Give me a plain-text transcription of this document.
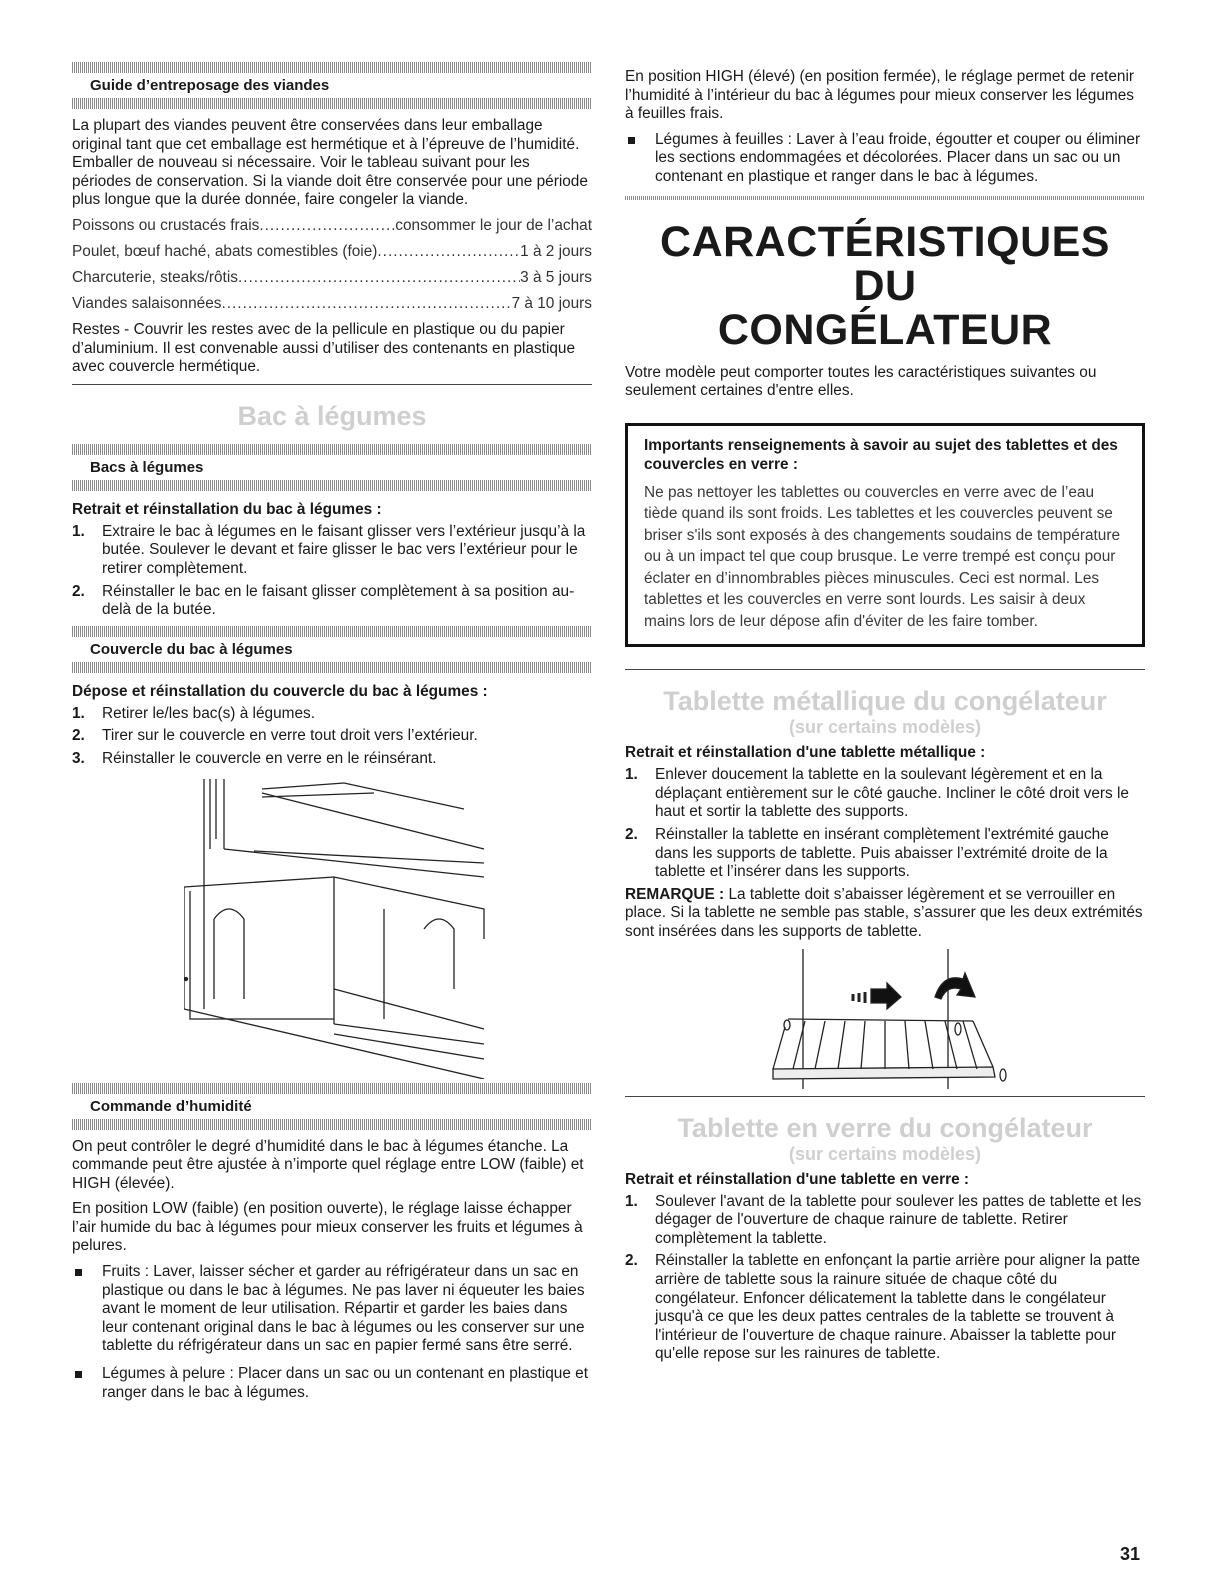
Guide d’entreposage des viandes

La plupart des viandes peuvent être conservées dans leur emballage original tant que cet emballage est hermétique et à l’épreuve de l’humidité. Emballer de nouveau si nécessaire. Voir le tableau suivant pour les périodes de conservation. Si la viande doit être conservée pour une période plus longue que la durée donnée, faire congeler la viande.

Poissons ou crustacés frais .....	consommer le jour de l’achat
Poulet, bœuf haché, abats comestibles (foie) .....	1 à 2 jours
Charcuterie, steaks/rôtis .....	3 à 5 jours
Viandes salaisonnées .....	7 à 10 jours

Restes - Couvrir les restes avec de la pellicule en plastique ou du papier d’aluminium. Il est convenable aussi d’utiliser des contenants en plastique avec couvercle hermétique.

Bac à légumes
Bacs à légumes
Retrait et réinstallation du bac à légumes :
1.	Extraire le bac à légumes en le faisant glisser vers l’extérieur jusqu’à la butée. Soulever le devant et faire glisser le bac vers l’extérieur pour le retirer complètement.
2.	Réinstaller le bac en le faisant glisser complètement à sa position au-delà de la butée.
Couvercle du bac à légumes
Dépose et réinstallation du couvercle du bac à légumes :
1.	Retirer le/les bac(s) à légumes.
2.	Tirer sur le couvercle en verre tout droit vers l’extérieur.
3.	Réinstaller le couvercle en verre en le réinsérant.
Commande d’humidité

On peut contrôler le degré d’humidité dans le bac à légumes étanche. La commande peut être ajustée à n’importe quel réglage entre LOW (faible) et HIGH (élevée).

En position LOW (faible) (en position ouverte), le réglage laisse échapper l’air humide du bac à légumes pour mieux conserver les fruits et légumes à pelures.

Fruits : Laver, laisser sécher et garder au réfrigérateur dans un sac en plastique ou dans le bac à légumes. Ne pas laver ni équeuter les baies avant le moment de leur utilisation. Répartir et garder les baies dans leur contenant original dans le bac à légumes ou les conserver sur une tablette du réfrigérateur dans un sac en papier fermé sans être serré.
Légumes à pelure : Placer dans un sac ou un contenant en plastique et ranger dans le bac à légumes.

En position HIGH (élevé) (en position fermée), le réglage permet de retenir l’humidité à l’intérieur du bac à légumes pour mieux conserver les légumes à feuilles frais.

Légumes à feuilles : Laver à l’eau froide, égoutter et couper ou éliminer les sections endommagées et décolorées. Placer dans un sac ou un contenant en plastique et ranger dans le bac à légumes.
CARACTÉRISTIQUES DU
CONGÉLATEUR

Votre modèle peut comporter toutes les caractéristiques suivantes ou seulement certaines d'entre elles.

Importants renseignements à savoir au sujet des tablettes et des couvercles en verre :
Ne pas nettoyer les tablettes ou couvercles en verre avec de l’eau tiède quand ils sont froids. Les tablettes et les couvercles peuvent se briser s'ils sont exposés à des changements soudains de température ou à un impact tel que coup brusque. Le verre trempé est conçu pour éclater en d’innombrables pièces minuscules. Ceci est normal. Les tablettes et les couvercles en verre sont lourds. Les saisir à deux mains lors de leur dépose afin d'éviter de les faire tomber.
Tablette métallique du congélateur
(sur certains modèles)
Retrait et réinstallation d'une tablette métallique :
1.	Enlever doucement la tablette en la soulevant légèrement et en la déplaçant entièrement sur le côté gauche. Incliner le côté droit vers le haut et sortir la tablette des supports.
2.	Réinstaller la tablette en insérant complètement l'extrémité gauche dans les supports de tablette. Puis abaisser l’extrémité droite de la tablette et l’insérer dans les supports.

REMARQUE : La tablette doit s’abaisser légèrement et se verrouiller en place. Si la tablette ne semble pas stable, s’assurer que les deux extrémités sont insérées dans les supports de tablette.

Tablette en verre du congélateur
(sur certains modèles)
Retrait et réinstallation d'une tablette en verre :
1.	Soulever l'avant de la tablette pour soulever les pattes de tablette et les dégager de l'ouverture de chaque rainure de tablette. Retirer complètement la tablette.
2.	Réinstaller la tablette en enfonçant la partie arrière pour aligner la patte arrière de tablette sous la rainure située de chaque côté du congélateur. Enfoncer délicatement la tablette dans le congélateur jusqu'à ce que les deux pattes centrales de la tablette se trouvent à l'intérieur de l'ouverture de chaque rainure. Abaisser la tablette pour qu'elle repose sur les rainures de tablette.
31
